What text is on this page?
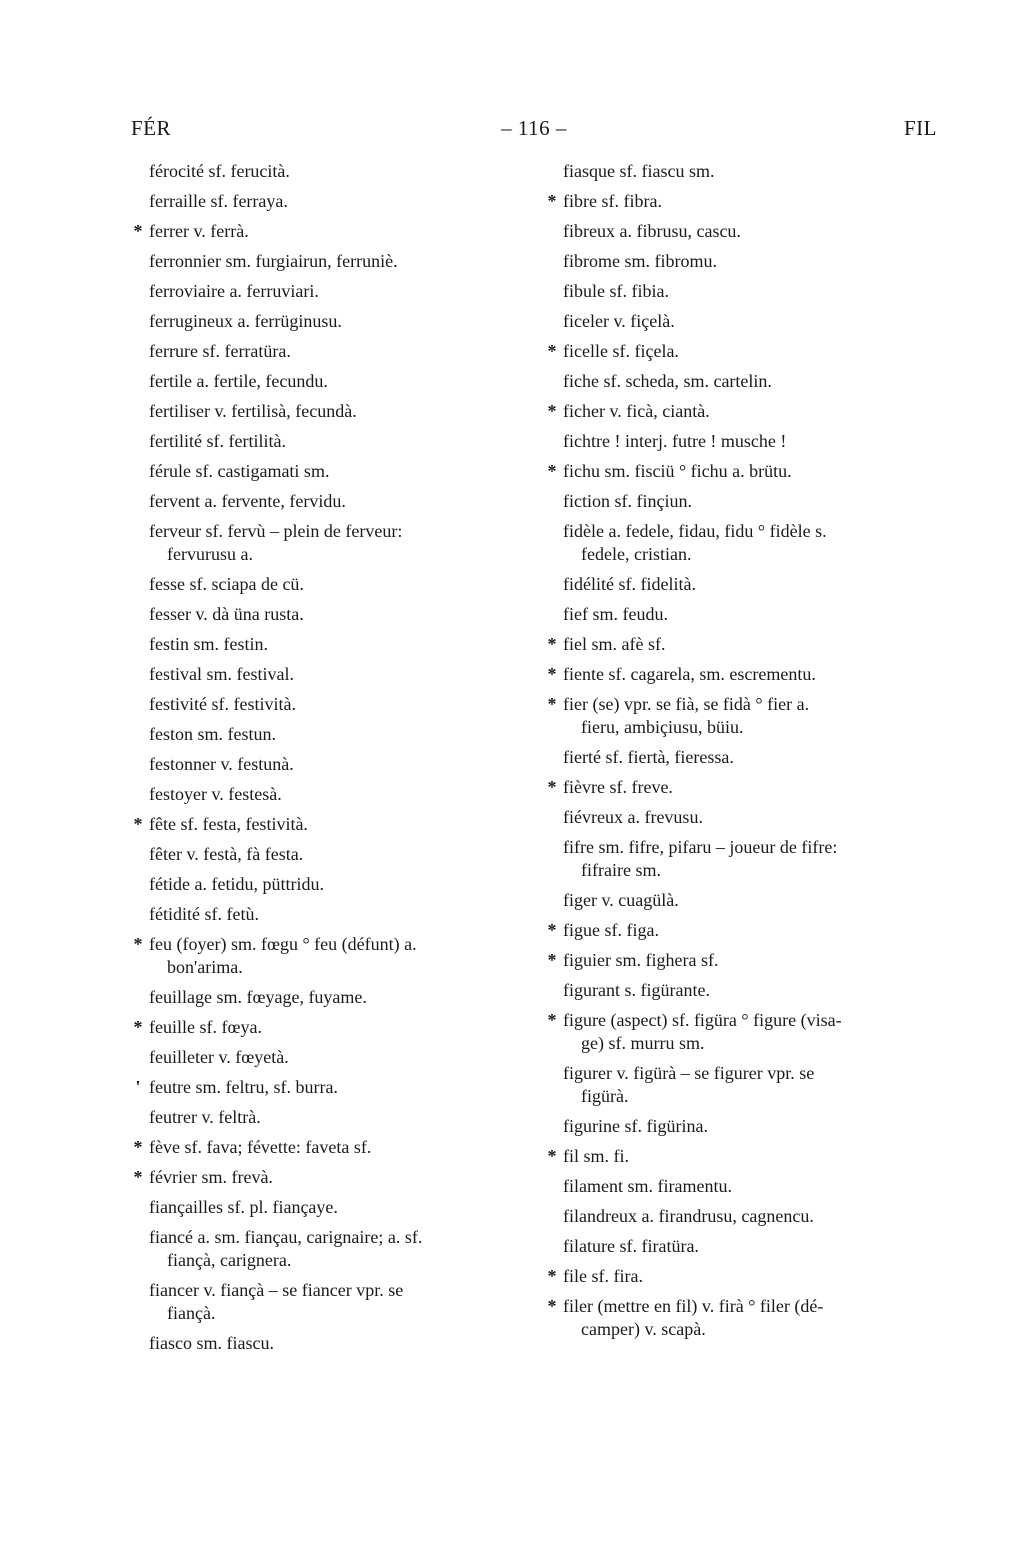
FÉR	– 116 –	FIL
férocité sf. ferucità.
ferraille sf. ferraya.
* ferrer v. ferrà.
ferronnier sm. furgiairun, ferruniè.
ferroviaire a. ferruviari.
ferrugineux a. ferrüginusu.
ferrure sf. ferratüra.
fertile a. fertile, fecundu.
fertiliser v. fertilisà, fecundà.
fertilité sf. fertilità.
férule sf. castigamati sm.
fervent a. fervente, fervidu.
ferveur sf. fervù – plein de ferveur:
fervurusu a.
fesse sf. sciapa de cü.
fesser v. dà üna rusta.
festin sm. festin.
festival sm. festival.
festivité sf. festività.
feston sm. festun.
festonner v. festunà.
festoyer v. festesà.
* fête sf. festa, festività.
fêter v. festà, fà festa.
fétide a. fetidu, püttridu.
fétidité sf. fetù.
* feu (foyer) sm. fœgu ° feu (défunt) a.
bon'arima.
feuillage sm. fœyage, fuyame.
* feuille sf. fœya.
feuilleter v. fœyetà.
' feutre sm. feltru, sf. burra.
feutrer v. feltrà.
* fève sf. fava; févette: faveta sf.
* février sm. frevà.
fiançailles sf. pl. fiançaye.
fiancé a. sm. fiançau, carignaire; a. sf.
fiançà, carignera.
fiancer v. fiançà – se fiancer vpr. se
fiançà.
fiasco sm. fiascu.
fiasque sf. fiascu sm.
* fibre sf. fibra.
fibreux a. fibrusu, cascu.
fibrome sm. fibromu.
fibule sf. fibia.
ficeler v. fiçelà.
* ficelle sf. fiçela.
fiche sf. scheda, sm. cartelin.
* ficher v. ficà, ciantà.
fichtre ! interj. futre ! musche !
* fichu sm. fisciü ° fichu a. brütu.
fiction sf. finçiun.
fidèle a. fedele, fidau, fidu ° fidèle s.
fedele, cristian.
fidélité sf. fidelità.
fief sm. feudu.
* fiel sm. afè sf.
* fiente sf. cagarela, sm. escrementu.
* fier (se) vpr. se fià, se fidà ° fier a.
fieru, ambiçiusu, büiu.
fierté sf. fiertà, fieressa.
* fièvre sf. freve.
fiévreux a. frevusu.
fifre sm. fifre, pifaru – joueur de fifre:
fifraire sm.
figer v. cuagülà.
* figue sf. figa.
* figuier sm. fighera sf.
figurant s. figürante.
* figure (aspect) sf. figüra ° figure (visa-
ge) sf. murru sm.
figurer v. figürà – se figurer vpr. se
figürà.
figurine sf. figürina.
* fil sm. fi.
filament sm. firamentu.
filandreux a. firandrusu, cagnencu.
filature sf. firatüra.
* file sf. fira.
* filer (mettre en fil) v. firà ° filer (dé-
camper) v. scapà.
